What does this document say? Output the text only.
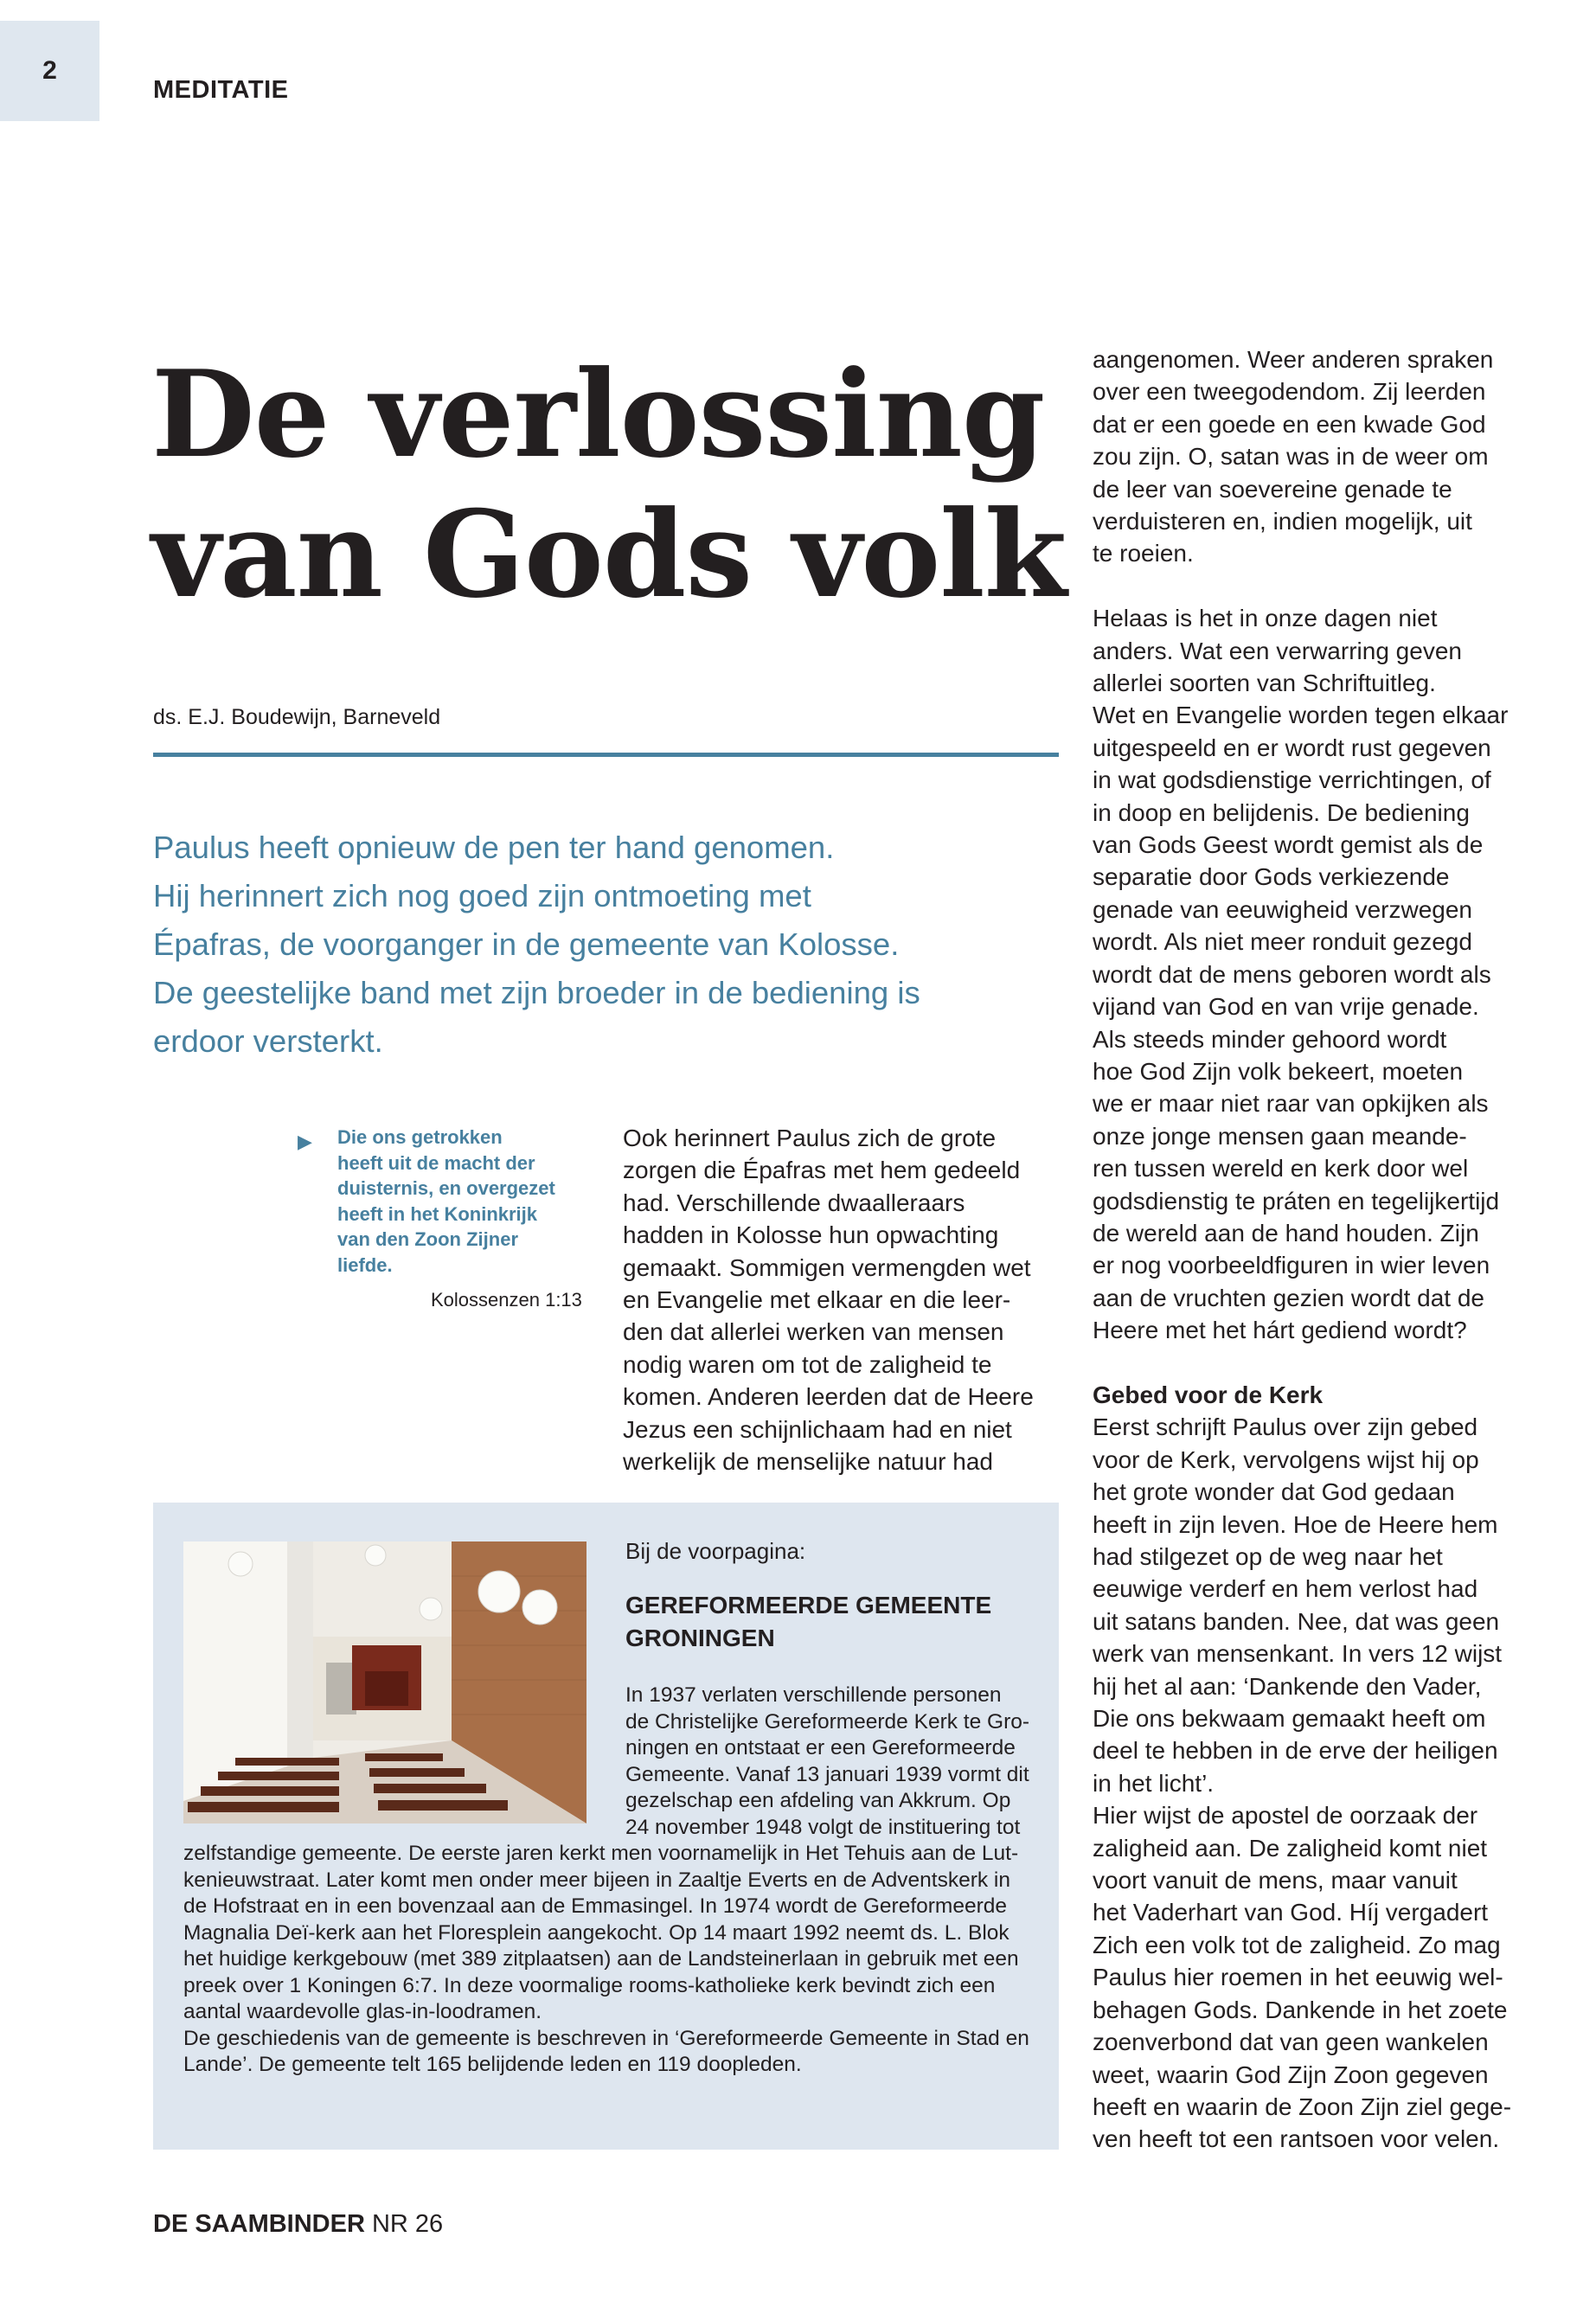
2
MEDITATIE
De verlossing
van Gods volk
ds. E.J. Boudewijn, Barneveld
Paulus heeft opnieuw de pen ter hand genomen.
Hij herinnert zich nog goed zijn ontmoeting met
Épafras, de voorganger in de gemeente van Kolosse.
De geestelijke band met zijn broeder in de bediening is
erdoor versterkt.
▶ Die ons getrokken
heeft uit de macht der
duisternis, en overgezet
heeft in het Koninkrijk
van den Zoon Zijner
liefde.
Kolossenzen 1:13
Ook herinnert Paulus zich de grote
zorgen die Épafras met hem gedeeld
had. Verschillende dwaalleraars
hadden in Kolosse hun opwachting
gemaakt. Sommigen vermengden wet
en Evangelie met elkaar en die leer-
den dat allerlei werken van mensen
nodig waren om tot de zaligheid te
komen. Anderen leerden dat de Heere
Jezus een schijnlichaam had en niet
werkelijk de menselijke natuur had
aangenomen. Weer anderen spraken
over een tweegodendom. Zij leerden
dat er een goede en een kwade God
zou zijn. O, satan was in de weer om
de leer van soevereine genade te
verduisteren en, indien mogelijk, uit
te roeien.
Helaas is het in onze dagen niet
anders. Wat een verwarring geven
allerlei soorten van Schriftuitleg.
Wet en Evangelie worden tegen elkaar
uitgespeeld en er wordt rust gegeven
in wat godsdienstige verrichtingen, of
in doop en belijdenis. De bediening
van Gods Geest wordt gemist als de
separatie door Gods verkiezende
genade van eeuwigheid verzwegen
wordt. Als niet meer ronduit gezegd
wordt dat de mens geboren wordt als
vijand van God en van vrije genade.
Als steeds minder gehoord wordt
hoe God Zijn volk bekeert, moeten
we er maar niet raar van opkijken als
onze jonge mensen gaan meande-
ren tussen wereld en kerk door wel
godsdienstig te práten en tegelijkertijd
de wereld aan de hand houden. Zijn
er nog voorbeeldfiguren in wier leven
aan de vruchten gezien wordt dat de
Heere met het hárt gediend wordt?
Gebed voor de Kerk
Eerst schrijft Paulus over zijn gebed
voor de Kerk, vervolgens wijst hij op
het grote wonder dat God gedaan
heeft in zijn leven. Hoe de Heere hem
had stilgezet op de weg naar het
eeuwige verderf en hem verlost had
uit satans banden. Nee, dat was geen
werk van mensenkant. In vers 12 wijst
hij het al aan: ‘Dankende den Vader,
Die ons bekwaam gemaakt heeft om
deel te hebben in de erve der heiligen
in het licht’.
Hier wijst de apostel de oorzaak der
zaligheid aan. De zaligheid komt niet
voort vanuit de mens, maar vanuit
het Vaderhart van God. Híj vergadert
Zich een volk tot de zaligheid. Zo mag
Paulus hier roemen in het eeuwig wel-
behagen Gods. Dankende in het zoete
zoenverbond dat van geen wankelen
weet, waarin God Zijn Zoon gegeven
heeft en waarin de Zoon Zijn ziel gege-
ven heeft tot een rantsoen voor velen.
Bij de voorpagina:
GEREFORMEERDE GEMEENTE
GRONINGEN
In 1937 verlaten verschillende personen
de Christelijke Gereformeerde Kerk te Gro-
ningen en ontstaat er een Gereformeerde
Gemeente. Vanaf 13 januari 1939 vormt dit
gezelschap een afdeling van Akkrum. Op
24 november 1948 volgt de instituering tot
zelfstandige gemeente. De eerste jaren kerkt men voornamelijk in Het Tehuis aan de Lut-
kenieuwstraat. Later komt men onder meer bijeen in Zaaltje Everts en de Adventskerk in
de Hofstraat en in een bovenzaal aan de Emmasingel. In 1974 wordt de Gereformeerde
Magnalia Deï-kerk aan het Floresplein aangekocht. Op 14 maart 1992 neemt ds. L. Blok
het huidige kerkgebouw (met 389 zitplaatsen) aan de Landsteinerlaan in gebruik met een
preek over 1 Koningen 6:7. In deze voormalige rooms-katholieke kerk bevindt zich een
aantal waardevolle glas-in-loodramen.
De geschiedenis van de gemeente is beschreven in ‘Gereformeerde Gemeente in Stad en
Lande’. De gemeente telt 165 belijdende leden en 119 doopleden.
DE SAAMBINDER NR 26
